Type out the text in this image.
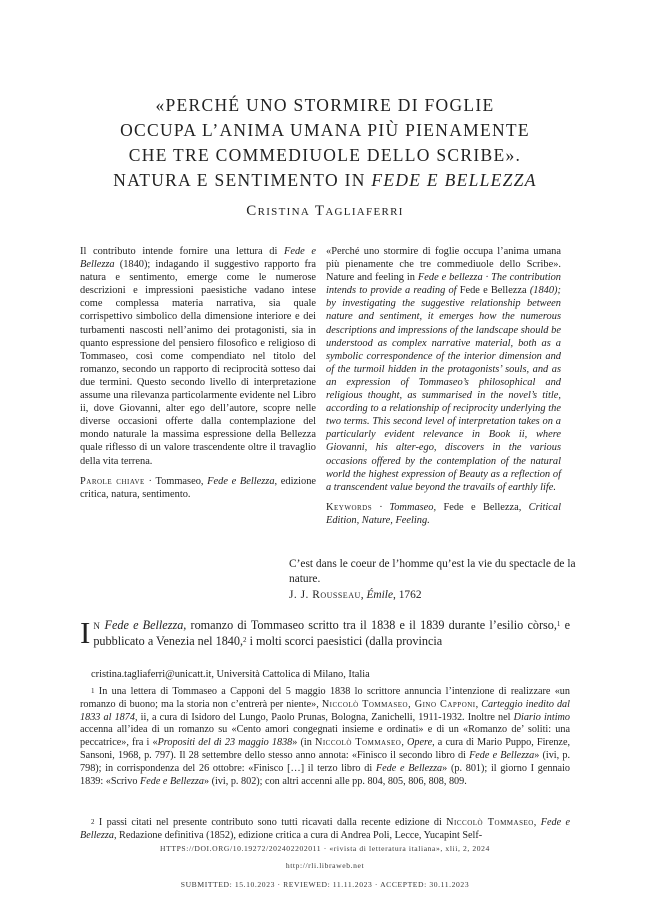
«PERCHÉ UNO STORMIRE DI FOGLIE
OCCUPA L’ANIMA UMANA PIÙ PIENAMENTE
CHE TRE COMMEDIUOLE DELLO SCRIBE».
NATURA E SENTIMENTO IN FEDE E BELLEZZA
Cristina Tagliaferri

Il contributo intende fornire una lettura di Fede e Bellezza (1840); indagando il suggestivo rapporto fra natura e sentimento, emerge come le numerose descrizioni e impressioni paesistiche vadano intese come complessa materia narrativa, sia quale corrispettivo simbolico della dimensione interiore e dei turbamenti nascosti nell’animo dei protagonisti, sia in quanto espressione del pensiero filosofico e religioso di Tommaseo, così come compendiato nel titolo del romanzo, secondo un rapporto di reciprocità sotteso dai due termini. Questo secondo livello di interpretazione assume una rilevanza particolarmente evidente nel Libro ii, dove Giovanni, alter ego dell’autore, scopre nelle diverse occasioni offerte dalla contemplazione del mondo naturale la massima espressione della Bellezza quale riflesso di un valore trascendente oltre il travaglio della vita terrena.

Parole chiave · Tommaseo, Fede e Bellezza, edizione critica, natura, sentimento.

«Perché uno stormire di foglie occupa l’anima umana più pienamente che tre commediuole dello Scribe». Nature and feeling in Fede e bellezza · The contribution intends to provide a reading of Fede e Bellezza (1840); by investigating the suggestive relationship between nature and sentiment, it emerges how the numerous descriptions and impressions of the landscape should be understood as complex narrative material, both as a symbolic correspondence of the interior dimension and of the turmoil hidden in the protagonists’ souls, and as an expression of Tommaseo’s philosophical and religious thought, as summarised in the novel’s title, according to a relationship of reciprocity underlying the two terms. This second level of interpretation takes on a particularly evident relevance in Book ii, where Giovanni, his alter-ego, discovers in the various occasions offered by the contemplation of the natural world the highest expression of Beauty as a reflection of a transcendent value beyond the travails of earthly life.

Keywords · Tommaseo, Fede e Bellezza, Critical Edition, Nature, Feeling.

C’est dans le coeur de l’homme qu’est la vie du spectacle de la nature.

J. J. Rousseau, Émile, 1762

In Fede e Bellezza, romanzo di Tommaseo scritto tra il 1838 e il 1839 durante l’esilio còrso,$^1$ e pubblicato a Venezia nel 1840,$^2$ i molti scorci paesistici (dalla provincia
cristina.tagliaferri@unicatt.it, Università Cattolica di Milano, Italia

$^1$ In una lettera di Tommaseo a Capponi del 5 maggio 1838 lo scrittore annuncia l’intenzione di realizzare «un romanzo di buono; ma la storia non c’entrerà per niente», Niccolò Tommaseo, Gino Capponi, Carteggio inedito dal 1833 al 1874, ii, a cura di Isidoro del Lungo, Paolo Prunas, Bologna, Zanichelli, 1911-1932. Inoltre nel Diario intimo accenna all’idea di un romanzo su «Cento amori congegnati insieme e ordinati» e di un «Romanzo de’ soliti: una peccatrice», fra i «Propositi del dì 23 maggio 1838» (in Niccolò Tommaseo, Opere, a cura di Mario Puppo, Firenze, Sansoni, 1968, p. 797). Il 28 settembre dello stesso anno annota: «Finisco il secondo libro di Fede e Bellezza» (ivi, p. 798); in corrispondenza del 26 ottobre: «Finisco […] il terzo libro di Fede e Bellezza» (p. 801); il giorno I gennaio 1839: «Scrivo Fede e Bellezza» (ivi, p. 802); con altri accenni alle pp. 804, 805, 806, 808, 809.

$^2$ I passi citati nel presente contributo sono tutti ricavati dalla recente edizione di Niccolò Tommaseo, Fede e Bellezza, Redazione definitiva (1852), edizione critica a cura di Andrea Poli, Lecce, Yucapint Self-

HTTPS://DOI.ORG/10.19272/202402202011 · «rivista di letteratura italiana», xlii, 2, 2024
http://rli.libraweb.net
SUBMITTED: 15.10.2023 · REVIEWED: 11.11.2023 · ACCEPTED: 30.11.2023
